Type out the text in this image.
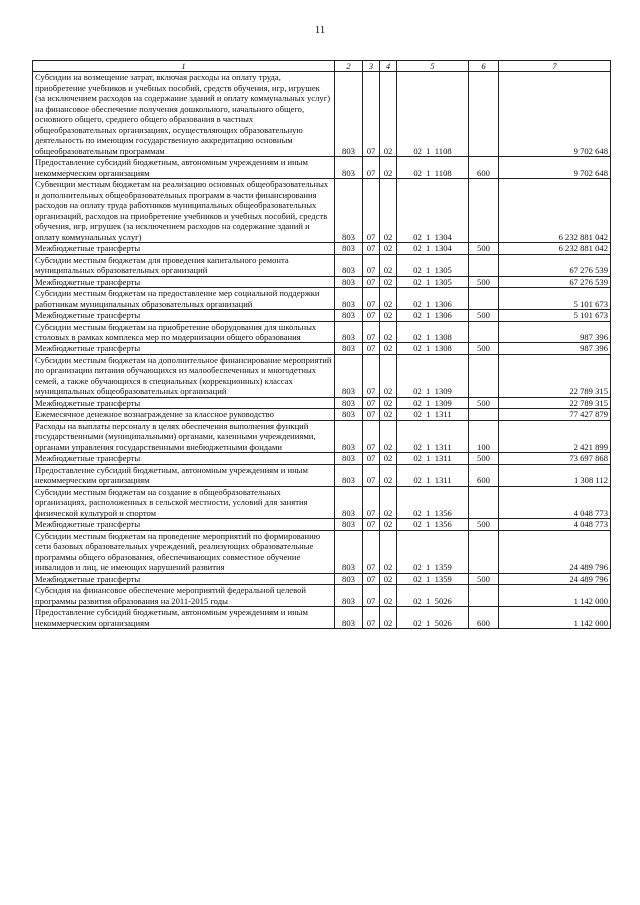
11
1	2	3	4	5	6	7
Субсидии на возмещение затрат, включая расходы на оплату труда, приобретение учебников и учебных пособий, средств обучения, игр, игрушек (за исключением расходов на содержание зданий и оплату коммунальных услуг) на финансовое обеспечение получения дошкольного, начального общего, основного общего, среднего общего образования в частных общеобразовательных организациях, осуществляющих образовательную деятельность по имеющим государственную аккредитацию основным общеобразовательным программам	803	07	02	02  1  1108		9 702 648
Предоставление субсидий бюджетным, автономным учреждениям и иным некоммерческим организациям	803	07	02	02  1  1108	600	9 702 648
Субвенции местным бюджетам на реализацию основных общеобразовательных и дополнительных общеобразовательных программ в части финансирования расходов на оплату труда работников муниципальных общеобразовательных организаций, расходов на приобретение учебников и учебных пособий, средств обучения, игр, игрушек (за исключением расходов на содержание зданий и оплату коммунальных услуг)	803	07	02	02  1  1304		6 232 881 042
Межбюджетные трансферты	803	07	02	02  1  1304	500	6 232 881 042
Субсидии местным бюджетам для проведения капитального ремонта муниципальных образовательных организаций	803	07	02	02  1  1305		67 276 539
Межбюджетные трансферты	803	07	02	02  1  1305	500	67 276 539
Субсидии местным бюджетам на предоставление мер социальной поддержки работникам муниципальных образовательных организаций	803	07	02	02  1  1306		5 101 673
Межбюджетные трансферты	803	07	02	02  1  1306	500	5 101 673
Субсидии местным бюджетам на приобретение оборудования для школьных столовых в рамках комплекса мер по модернизации общего образования	803	07	02	02  1  1308		987 396
Межбюджетные трансферты	803	07	02	02  1  1308	500	987 396
Субсидии местным бюджетам на дополнительное финансирование мероприятий по организации питания обучающихся из малообеспеченных и многодетных семей, а также обучающихся в специальных (коррекционных) классах муниципальных общеобразовательных организаций	803	07	02	02  1  1309		22 789 315
Межбюджетные трансферты	803	07	02	02  1  1309	500	22 789 315
Ежемесячное денежное вознаграждение за классное руководство	803	07	02	02  1  1311		77 427 879
Расходы на выплаты персоналу в целях обеспечения выполнения функций государственными (муниципальными) органами, казенными учреждениями, органами управления государственными внебюджетными фондами	803	07	02	02  1  1311	100	2 421 899
Межбюджетные трансферты	803	07	02	02  1  1311	500	73 697 868
Предоставление субсидий бюджетным, автономным учреждениям и иным некоммерческим организациям	803	07	02	02  1  1311	600	1 308 112
Субсидии местным бюджетам на создание в общеобразовательных организациях, расположенных в сельской местности, условий для занятия физической культурой и спортом	803	07	02	02  1  1356		4 048 773
Межбюджетные трансферты	803	07	02	02  1  1356	500	4 048 773
Субсидии местным бюджетам на проведение мероприятий по формированию сети базовых образовательных учреждений, реализующих образовательные программы общего образования, обеспечивающих совместное обучение инвалидов и лиц, не имеющих нарушений развития	803	07	02	02  1  1359		24 489 796
Межбюджетные трансферты	803	07	02	02  1  1359	500	24 489 796
Субсидия на финансовое обеспечение мероприятий федеральной целевой программы развития образования на 2011-2015 годы	803	07	02	02  1  5026		1 142 000
Предоставление субсидий бюджетным, автономным учреждениям и иным некоммерческим организациям	803	07	02	02  1  5026	600	1 142 000
